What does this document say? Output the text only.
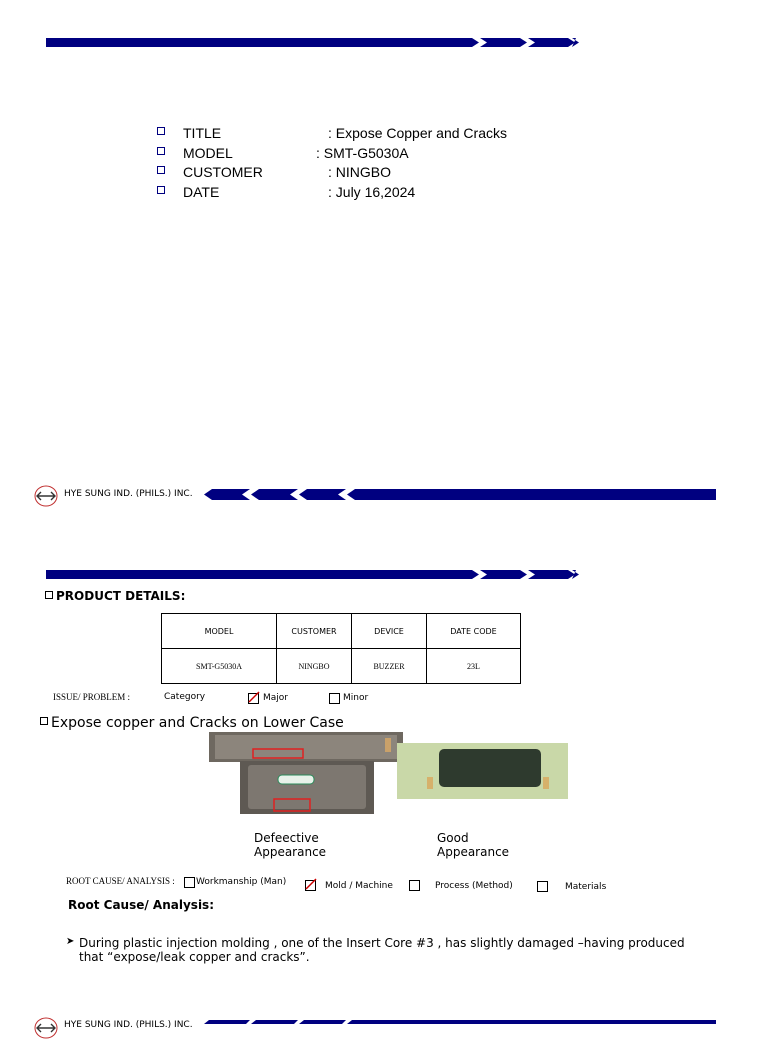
TITLE	: Expose Copper and Cracks
MODEL	: SMT-G5030A
CUSTOMER	: NINGBO
DATE	: July 16,2024
HYE SUNG IND. (PHILS.) INC.
PRODUCT DETAILS:
MODEL	CUSTOMER	DEVICE	DATE CODE
SMT-G5030A	NINGBO	BUZZER	23L
ISSUE/ PROBLEM :	Category	Major	Minor
Expose copper and Cracks on Lower Case
Defeective
Appearance
Good
Appearance
ROOT CAUSE/ ANALYSIS : Workmanship (Man)	Mold / Machine	Process (Method)	Materials
Root Cause/ Analysis:
➤ During plastic injection molding , one of the Insert Core #3 , has slightly damaged –having produced
that “expose/leak copper and cracks”.
HYE SUNG IND. (PHILS.) INC.
